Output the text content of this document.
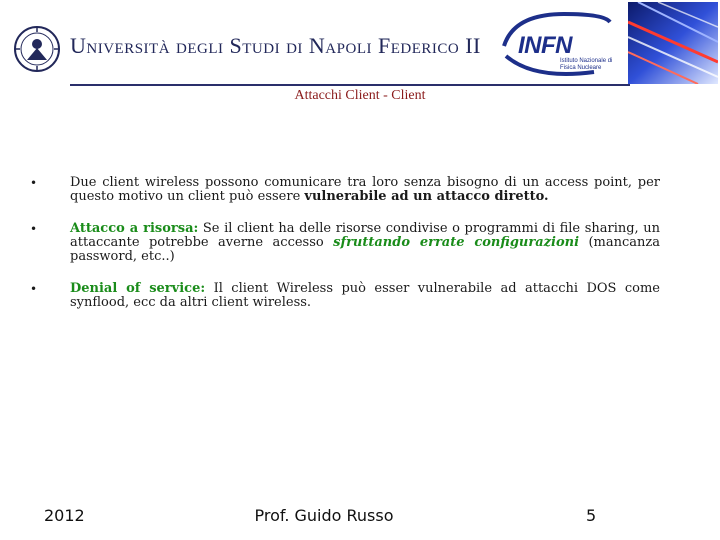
Università degli Studi di Napoli Federico II INFN
Istituto Nazionale di Fisica Nucleare
Attacchi Client - Client
•	Due client wireless possono comunicare tra loro senza bisogno di un access point, per questo motivo un client può essere vulnerabile ad un attacco diretto.

•	Attacco a risorsa: Se il client ha delle risorse condivise o programmi di file sharing, un attaccante potrebbe averne accesso sfruttando errate configurazioni (mancanza password, etc..)

•	Denial of service: Il client Wireless può esser vulnerabile ad attacchi DOS come synflood, ecc da altri client wireless.

2012	Prof. Guido Russo	5
